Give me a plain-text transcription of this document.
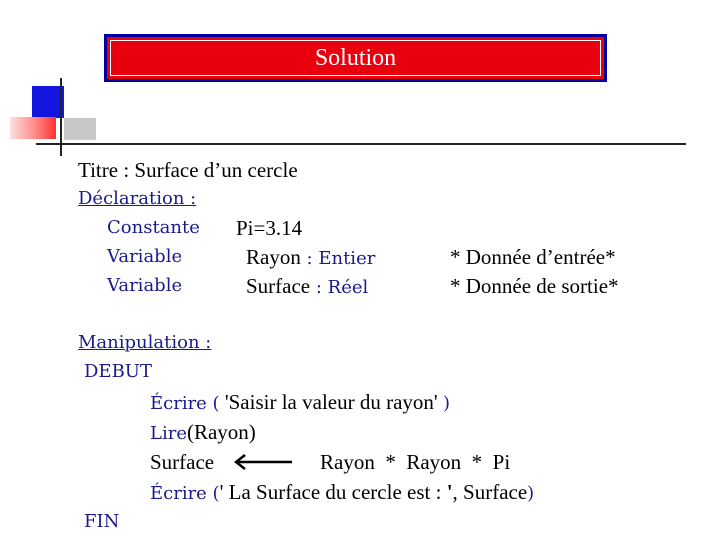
Solution
Titre : Surface d’un cercle
Déclaration :
Constante Pi=3.14
Variable	Rayon : Entier	* Donnée d’entrée*
Variable	Surface : Réel	* Donnée de sortie*
Manipulation :
DEBUT
Écrire ( 'Saisir la valeur du rayon' )
Lire(Rayon)
Surface	Rayon  *  Rayon  *  Pi
Écrire (' La Surface du cercle est : ', Surface)
FIN
